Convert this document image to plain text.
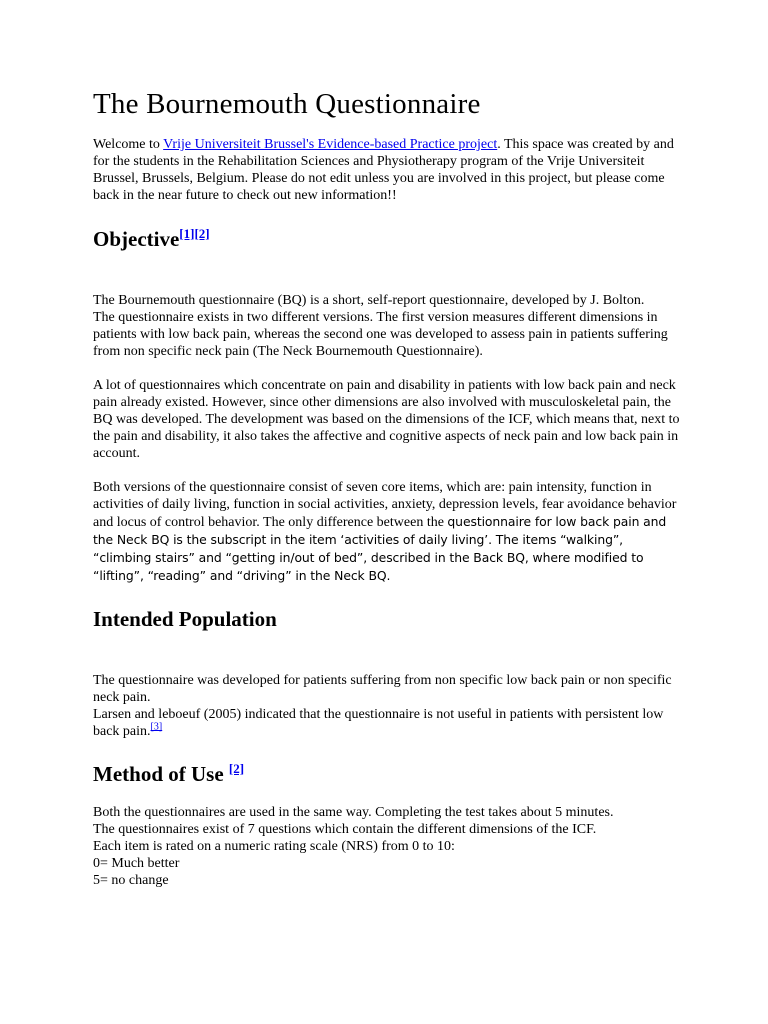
The Bournemouth Questionnaire

Welcome to Vrije Universiteit Brussel's Evidence-based Practice project. This space was created by and for the students in the Rehabilitation Sciences and Physiotherapy program of the Vrije Universiteit Brussel, Brussels, Belgium. Please do not edit unless you are involved in this project, but please come back in the near future to check out new information!!

Objective[1][2]

The Bournemouth questionnaire (BQ) is a short, self-report questionnaire, developed by J. Bolton.

The questionnaire exists in two different versions. The first version measures different dimensions in patients with low back pain, whereas the second one was developed to assess pain in patients suffering from non specific neck pain (The Neck Bournemouth Questionnaire).

A lot of questionnaires which concentrate on pain and disability in patients with low back pain and neck pain already existed. However, since other dimensions are also involved with musculoskeletal pain, the BQ was developed. The development was based on the dimensions of the ICF, which means that, next to the pain and disability, it also takes the affective and cognitive aspects of neck pain and low back pain in account.

Both versions of the questionnaire consist of seven core items, which are: pain intensity, function in activities of daily living, function in social activities, anxiety, depression levels, fear avoidance behavior and locus of control behavior. The only difference between the questionnaire for low back pain and the Neck BQ is the subscript in the item ‘activities of daily living’. The items “walking”, “climbing stairs” and “getting in/out of bed”, described in the Back BQ, where modified to “lifting”, “reading” and “driving” in the Neck BQ.

Intended Population

The questionnaire was developed for patients suffering from non specific low back pain or non specific neck pain.

Larsen and leboeuf (2005) indicated that the questionnaire is not useful in patients with persistent low back pain.[3]

Method of Use [2]

Both the questionnaires are used in the same way. Completing the test takes about 5 minutes.

The questionnaires exist of 7 questions which contain the different dimensions of the ICF.

Each item is rated on a numeric rating scale (NRS) from 0 to 10:

0= Much better

5= no change
